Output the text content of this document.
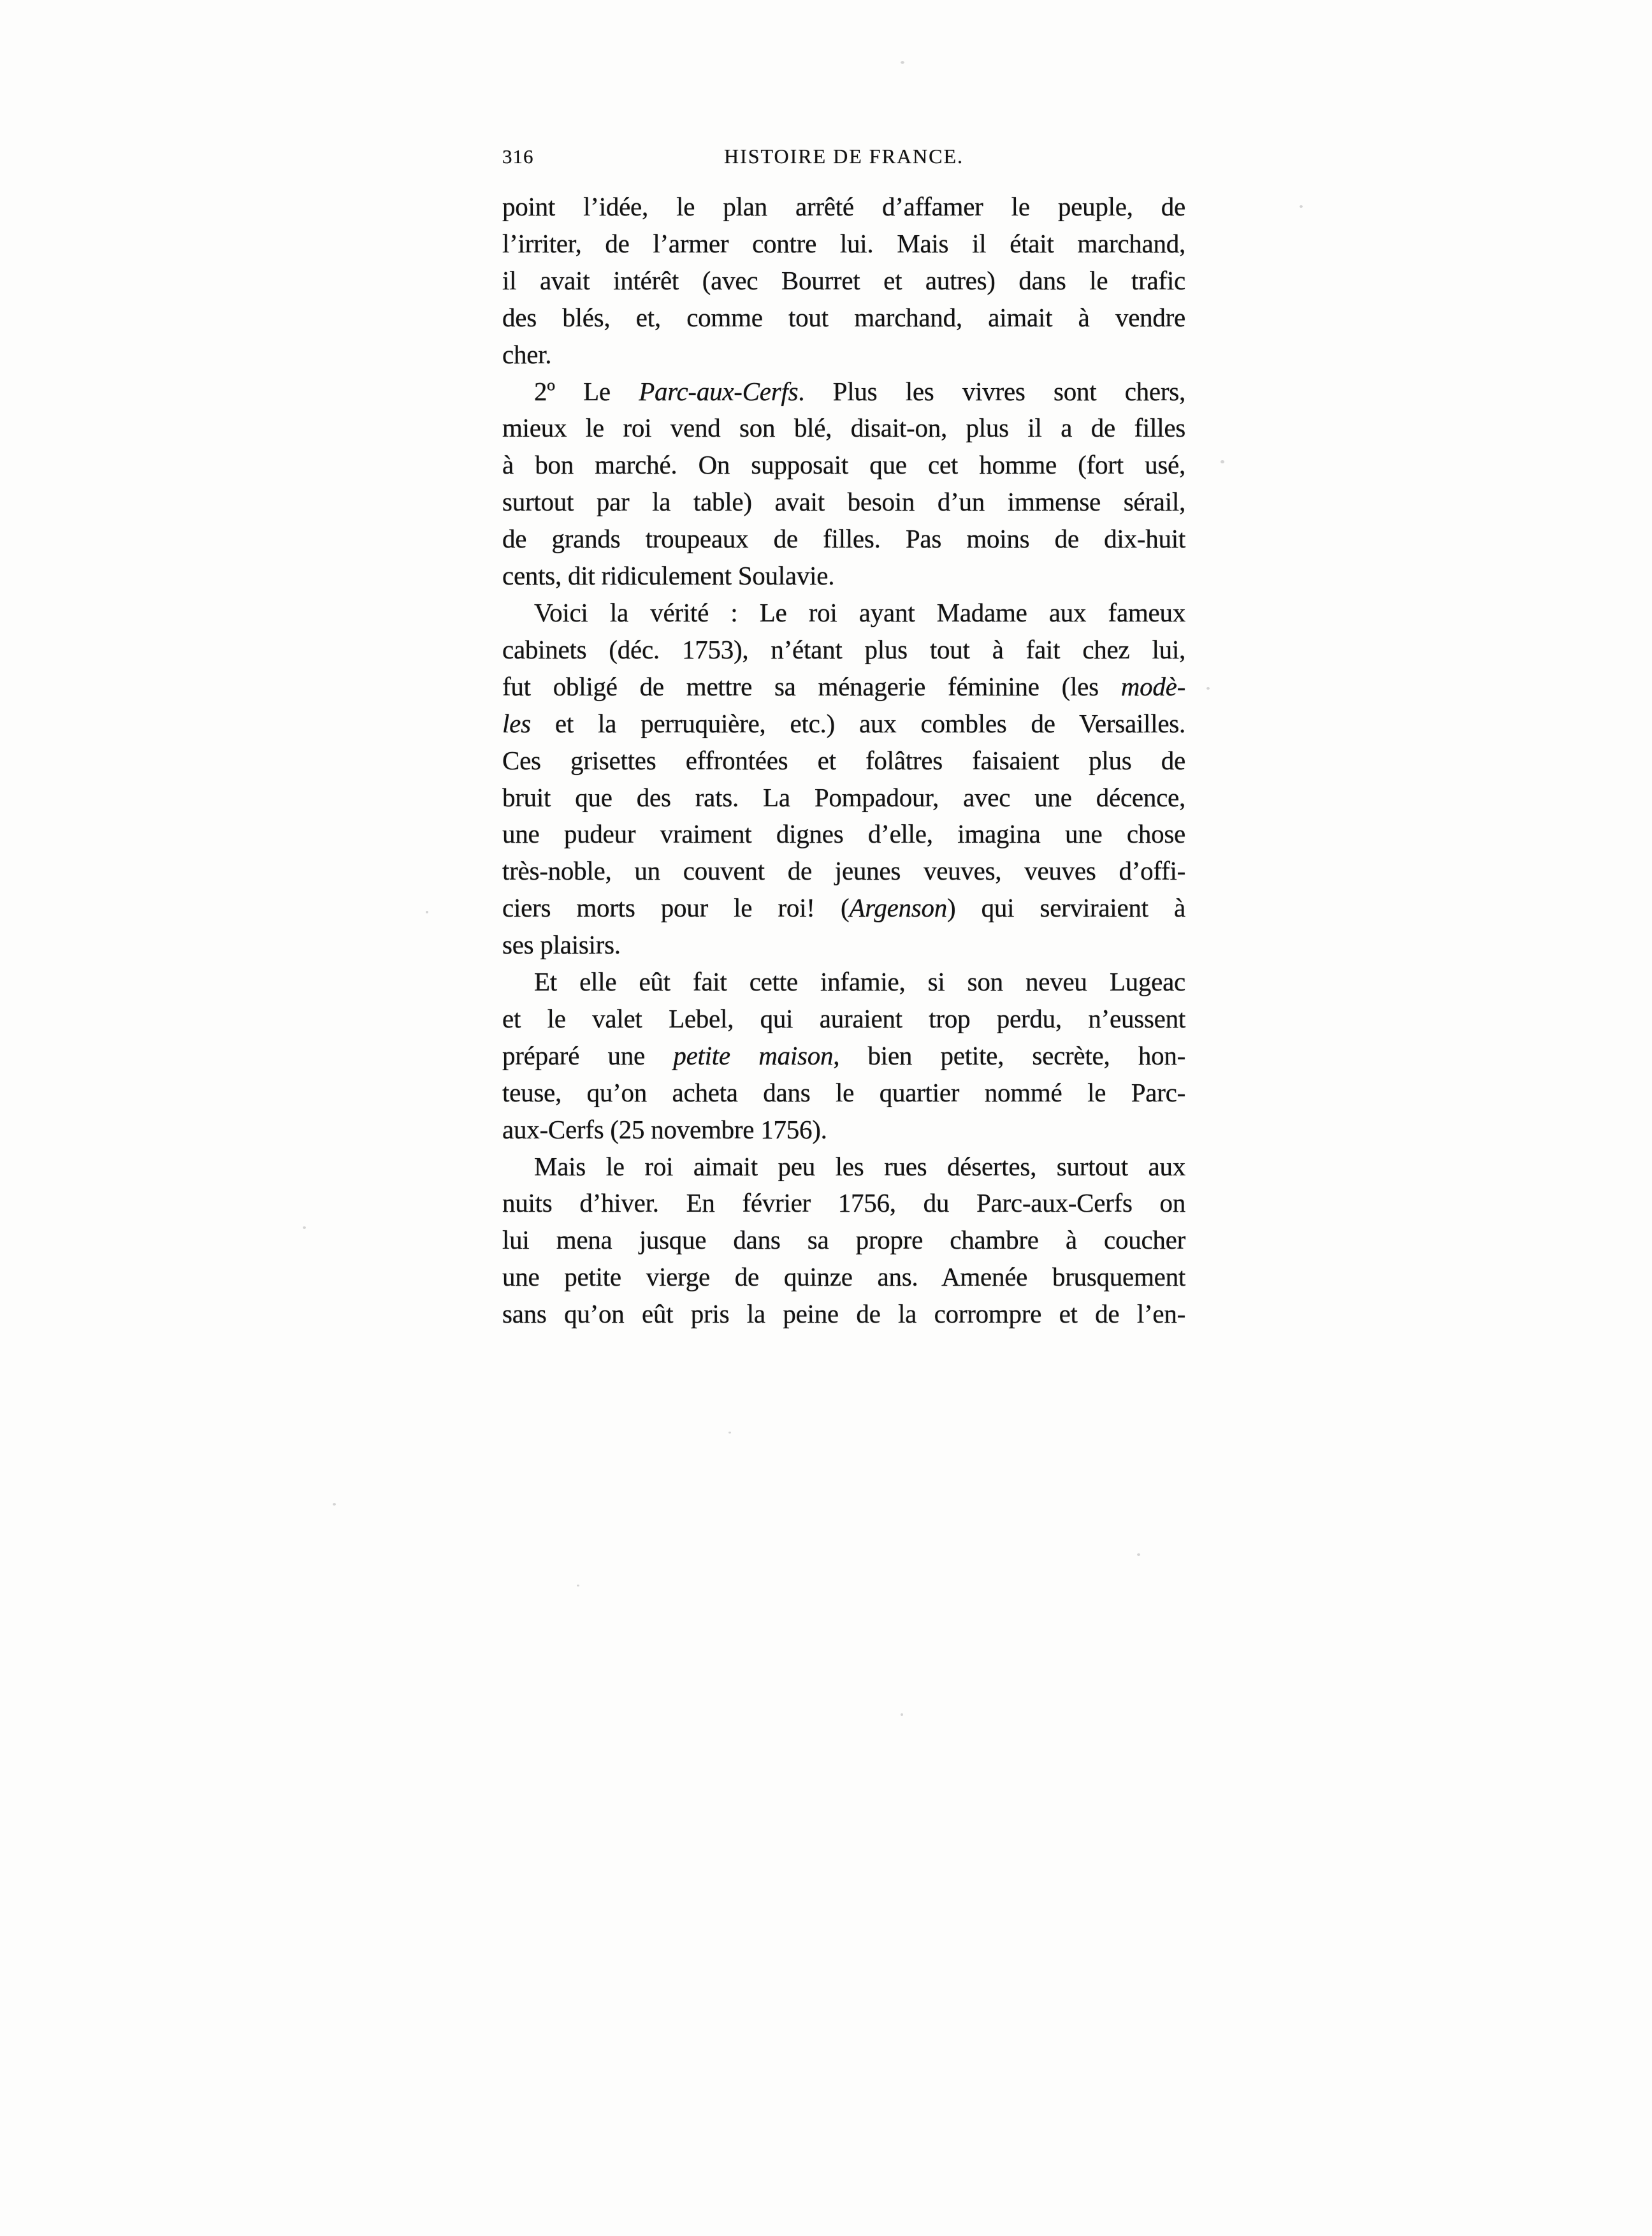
316	HISTOIRE DE FRANCE.
point l’idée, le plan arrêté d’affamer le peuple, de
l’irriter, de l’armer contre lui. Mais il était marchand,
il avait intérêt (avec Bourret et autres) dans le trafic
des blés, et, comme tout marchand, aimait à vendre
cher.
2º Le Parc-aux-Cerfs. Plus les vivres sont chers,
mieux le roi vend son blé, disait-on, plus il a de filles
à bon marché. On supposait que cet homme (fort usé,
surtout par la table) avait besoin d’un immense sérail,
de grands troupeaux de filles. Pas moins de dix-huit
cents, dit ridiculement Soulavie.
Voici la vérité : Le roi ayant Madame aux fameux
cabinets (déc. 1753), n’étant plus tout à fait chez lui,
fut obligé de mettre sa ménagerie féminine (les modè-
les et la perruquière, etc.) aux combles de Versailles.
Ces grisettes effrontées et folâtres faisaient plus de
bruit que des rats. La Pompadour, avec une décence,
une pudeur vraiment dignes d’elle, imagina une chose
très-noble, un couvent de jeunes veuves, veuves d’offi-
ciers morts pour le roi! (Argenson) qui serviraient à
ses plaisirs.
Et elle eût fait cette infamie, si son neveu Lugeac
et le valet Lebel, qui auraient trop perdu, n’eussent
préparé une petite maison, bien petite, secrète, hon-
teuse, qu’on acheta dans le quartier nommé le Parc-
aux-Cerfs (25 novembre 1756).
Mais le roi aimait peu les rues désertes, surtout aux
nuits d’hiver. En février 1756, du Parc-aux-Cerfs on
lui mena jusque dans sa propre chambre à coucher
une petite vierge de quinze ans. Amenée brusquement
sans qu’on eût pris la peine de la corrompre et de l’en-
